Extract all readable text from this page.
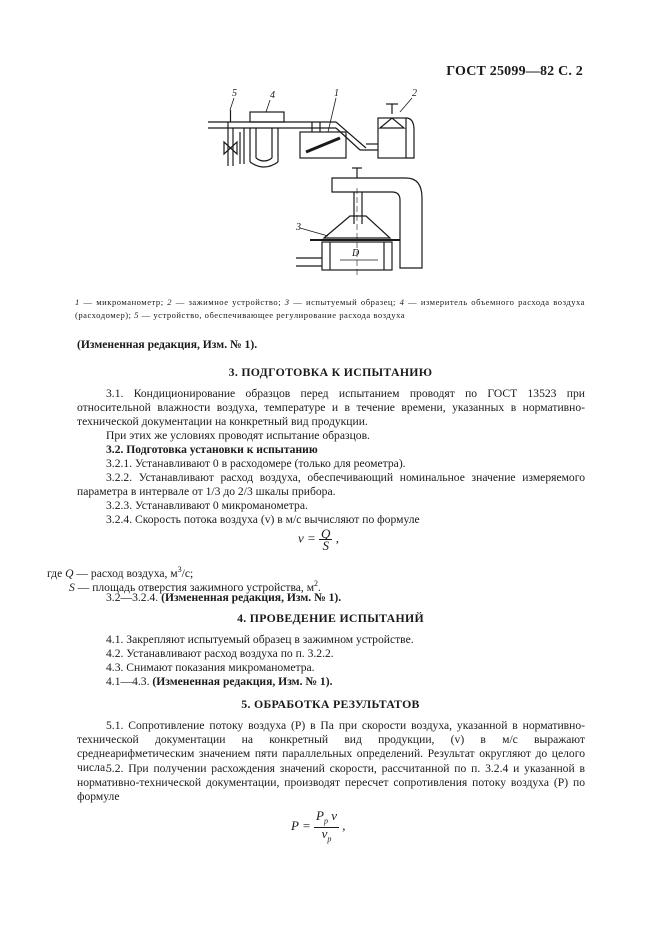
ГОСТ 25099—82 С. 2
5	4	1	2
3
D
1 — микроманометр; 2 — зажимное устройство; 3 — испытуемый образец; 4 — измеритель объемного расхода воздуха (расходомер); 5 — устройство, обеспечивающее регулирование расхода воздуха
(Измененная редакция, Изм. № 1).
3. ПОДГОТОВКА К ИСПЫТАНИЮ
3.1. Кондиционирование образцов перед испытанием проводят по ГОСТ 13523 при относительной влажности воздуха, температуре и в течение времени, указанных в нормативно-технической документации на конкретный вид продукции.
При этих же условиях проводят испытание образцов.
3.2. Подготовка установки к испытанию
3.2.1. Устанавливают 0 в расходомере (только для реометра).
3.2.2. Устанавливают расход воздуха, обеспечивающий номинальное значение измеряемого параметра в интервале от 1/3 до 2/3 шкалы прибора.
3.2.3. Устанавливают 0 микроманометра.
3.2.4. Скорость потока воздуха (v) в м/с вычисляют по формуле
$v = \frac{Q}{S}$ ,
где Q — расход воздуха, $м^3/с$;
S — площадь отверстия зажимного устройства, $м^2$.
3.2—3.2.4. (Измененная редакция, Изм. № 1).
4. ПРОВЕДЕНИЕ ИСПЫТАНИЙ
4.1. Закрепляют испытуемый образец в зажимном устройстве.
4.2. Устанавливают расход воздуха по п. 3.2.2.
4.3. Снимают показания микроманометра.
4.1—4.3. (Измененная редакция, Изм. № 1).
5. ОБРАБОТКА РЕЗУЛЬТАТОВ
5.1. Сопротивление потоку воздуха (P) в Па при скорости воздуха, указанной в нормативно-технической документации на конкретный вид продукции, (v) в м/с выражают среднеарифметическим значением пяти параллельных определений. Результат округляют до целого числа.
5.2. При получении расхождения значений скорости, рассчитанной по п. 3.2.4 и указанной в нормативно-технической документации, производят пересчет сопротивления потоку воздуха (P) по формуле
$P = \frac{P_р v}{v_р}$ ,
